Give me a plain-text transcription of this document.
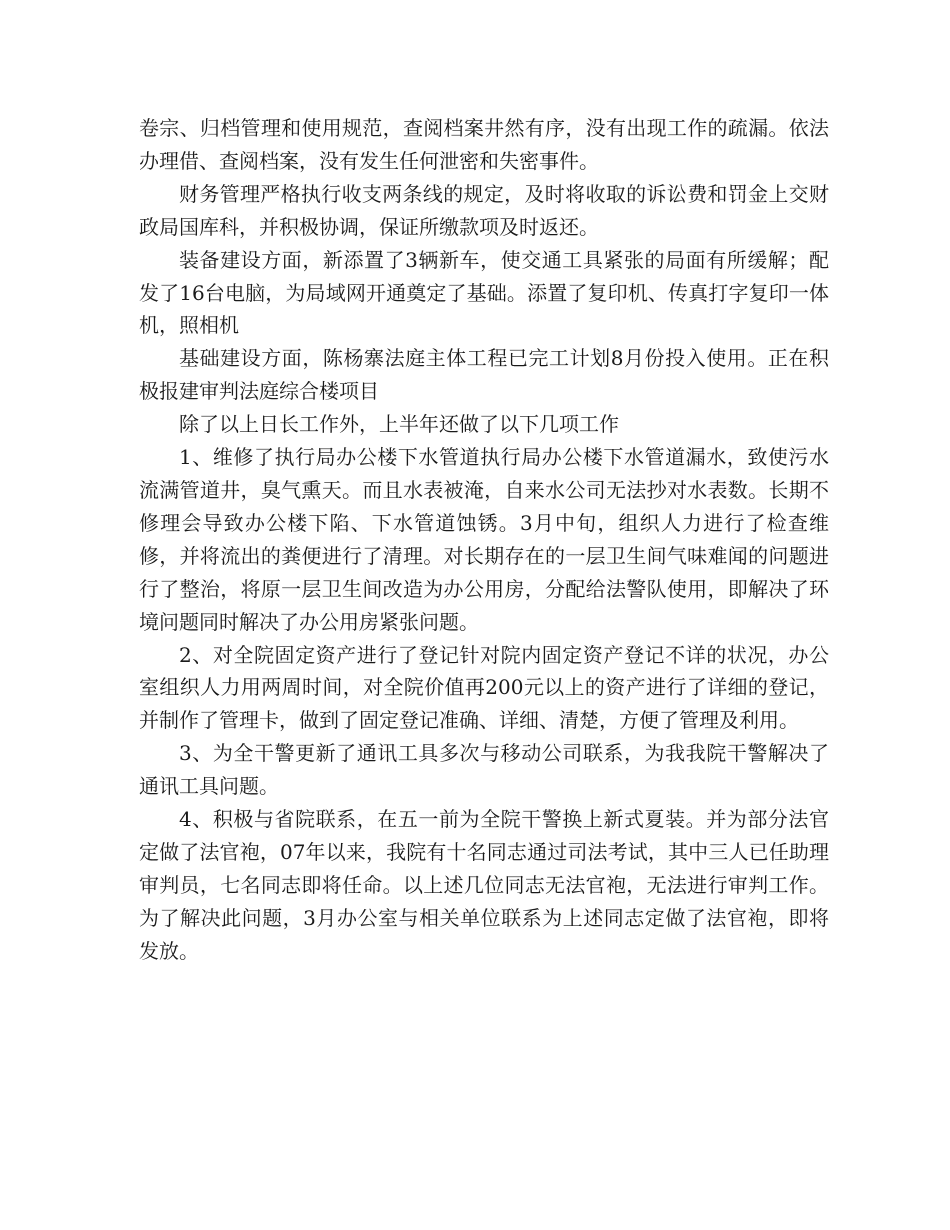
卷宗、归档管理和使用规范，查阅档案井然有序，没有出现工作的疏漏。依法办理借、查阅档案，没有发生任何泄密和失密事件。

财务管理严格执行收支两条线的规定，及时将收取的诉讼费和罚金上交财政局国库科，并积极协调，保证所缴款项及时返还。

装备建设方面，新添置了3辆新车，使交通工具紧张的局面有所缓解；配发了16台电脑，为局域网开通奠定了基础。添置了复印机、传真打字复印一体机，照相机

基础建设方面，陈杨寨法庭主体工程已完工计划8月份投入使用。正在积极报建审判法庭综合楼项目

除了以上日长工作外，上半年还做了以下几项工作

1、维修了执行局办公楼下水管道执行局办公楼下水管道漏水，致使污水流满管道井，臭气熏天。而且水表被淹，自来水公司无法抄对水表数。长期不修理会导致办公楼下陷、下水管道蚀锈。3月中旬，组织人力进行了检查维修，并将流出的粪便进行了清理。对长期存在的一层卫生间气味难闻的问题进行了整治，将原一层卫生间改造为办公用房，分配给法警队使用，即解决了环境问题同时解决了办公用房紧张问题。

2、对全院固定资产进行了登记针对院内固定资产登记不详的状况，办公室组织人力用两周时间，对全院价值再200元以上的资产进行了详细的登记，并制作了管理卡，做到了固定登记准确、详细、清楚，方便了管理及利用。

3、为全干警更新了通讯工具多次与移动公司联系，为我我院干警解决了通讯工具问题。

4、积极与省院联系，在五一前为全院干警换上新式夏装。并为部分法官定做了法官袍，07年以来，我院有十名同志通过司法考试，其中三人已任助理审判员，七名同志即将任命。以上述几位同志无法官袍，无法进行审判工作。为了解决此问题，3月办公室与相关单位联系为上述同志定做了法官袍，即将发放。
